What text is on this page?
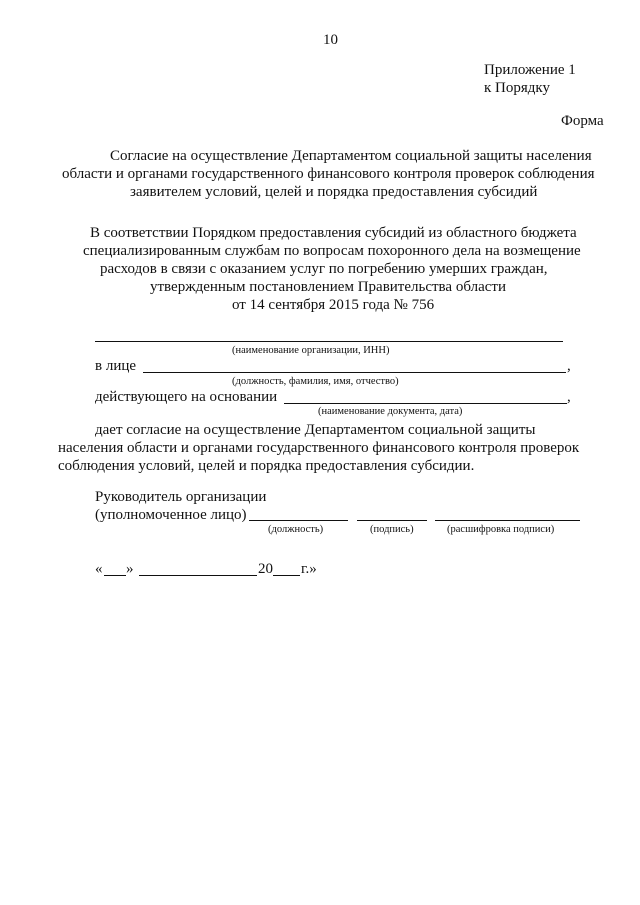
10
Приложение 1
к Порядку
Форма
Согласие на осуществление Департаментом социальной защиты населения
области и органами государственного финансового контроля проверок соблюдения
заявителем условий, целей и порядка предоставления субсидий
В соответствии Порядком предоставления субсидий из областного бюджета
специализированным службам по вопросам похоронного дела на возмещение
расходов в связи с оказанием услуг по погребению умерших граждан,
утвержденным постановлением Правительства области
от 14 сентября 2015 года № 756
(наименование организации, ИНН)
в лице	,
(должность, фамилия, имя, отчество)
действующего на основании	,
(наименование документа, дата)
дает согласие на осуществление Департаментом социальной защиты
населения области и органами государственного финансового контроля проверок
соблюдения условий, целей и порядка предоставления субсидии.
Руководитель организации
(уполномоченное лицо)
(должность)	(подпись)	(расшифровка подписи)
« »	20 г.»
